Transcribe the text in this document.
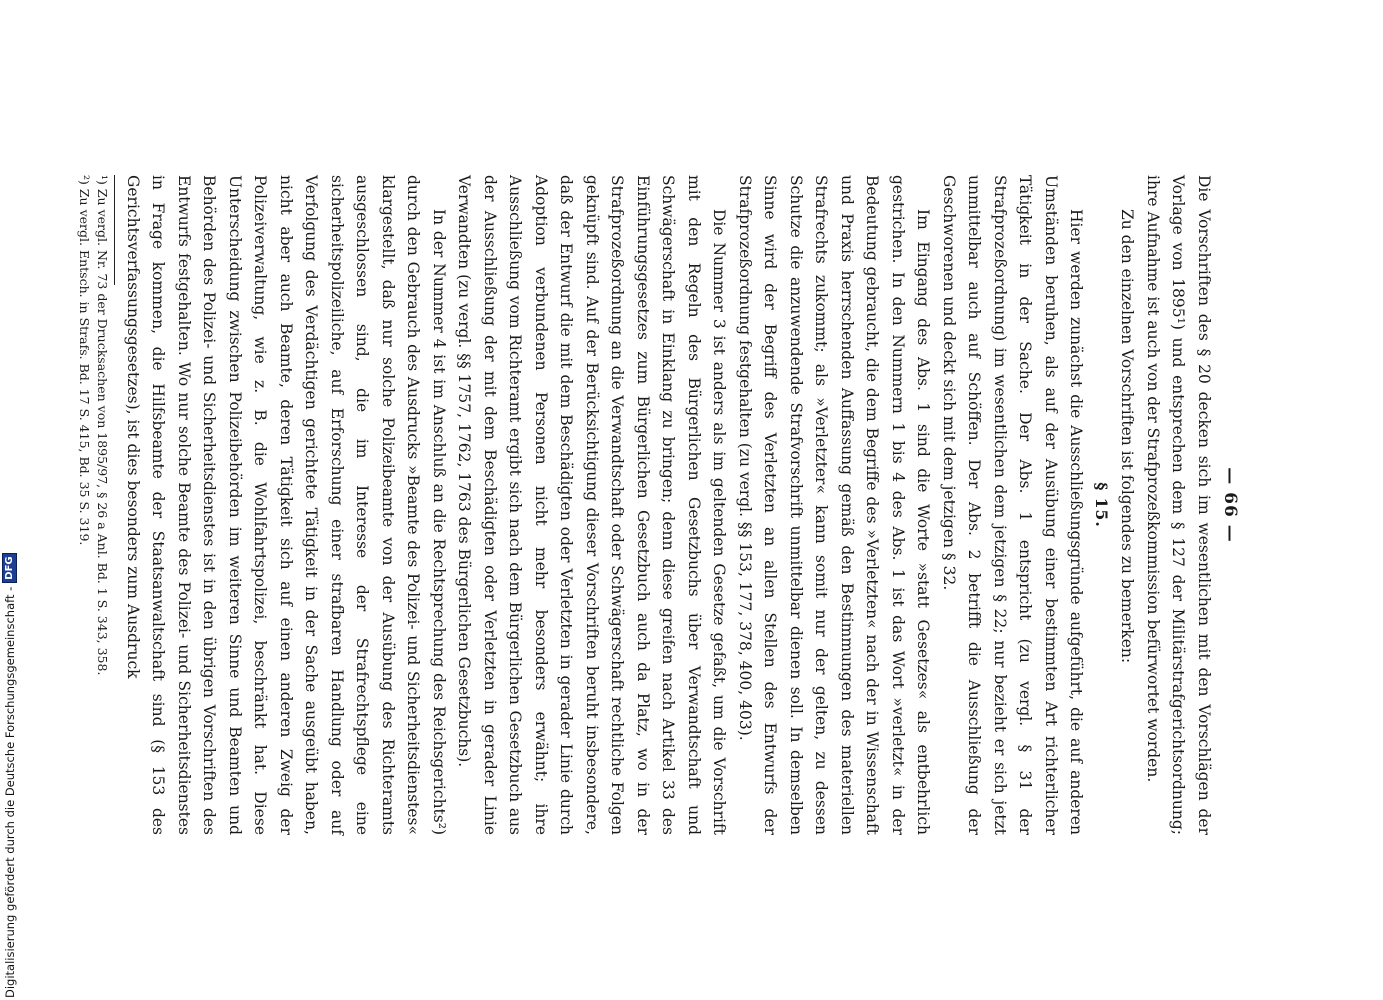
— 66 —

Die Vorschriften des § 20 decken sich im wesentlichen mit den Vorschlägen der Vorlage von 1895¹) und entsprechen dem § 127 der Militärstrafgerichtsordnung; ihre Aufnahme ist auch von der Strafprozeßkommission befürwortet worden.

Zu den einzelnen Vorschriften ist folgendes zu bemerken:

§ 15.

Hier werden zunächst die Ausschließungsgründe aufgeführt, die auf anderen Umständen beruhen, als auf der Ausübung einer bestimmten Art richterlicher Tätigkeit in der Sache. Der Abs. 1 entspricht (zu vergl. § 31 der Strafprozeßordnung) im wesentlichen dem jetzigen § 22; nur bezieht er sich jetzt unmittelbar auch auf Schöffen. Der Abs. 2 betrifft die Ausschließung der Geschworenen und deckt sich mit dem jetzigen § 32.

Im Eingang des Abs. 1 sind die Worte »statt Gesetzes« als entbehrlich gestrichen. In den Nummern 1 bis 4 des Abs. 1 ist das Wort »verletzt« in der Bedeutung gebraucht, die dem Begriffe des »Verletzten« nach der in Wissenschaft und Praxis herrschenden Auffassung gemäß den Bestimmungen des materiellen Strafrechts zukommt; als »Verletzter« kann somit nur der gelten, zu dessen Schutze die anzuwendende Strafvorschrift unmittelbar dienen soll. In demselben Sinne wird der Begriff des Verletzten an allen Stellen des Entwurfs der Strafprozeßordnung festgehalten (zu vergl. §§ 153, 177, 378, 400, 403).

Die Nummer 3 ist anders als im geltenden Gesetze gefaßt, um die Vorschrift mit den Regeln des Bürgerlichen Gesetzbuchs über Verwandtschaft und Schwägerschaft in Einklang zu bringen; denn diese greifen nach Artikel 33 des Einführungsgesetzes zum Bürgerlichen Gesetzbuch auch da Platz, wo in der Strafprozeßordnung an die Verwandtschaft oder Schwägerschaft rechtliche Folgen geknüpft sind. Auf der Berücksichtigung dieser Vorschriften beruht insbesondere, daß der Entwurf die mit dem Beschädigten oder Verletzten in gerader Linie durch Adoption verbundenen Personen nicht mehr besonders erwähnt; ihre Ausschließung vom Richteramt ergibt sich nach dem Bürgerlichen Gesetzbuch aus der Ausschließung der mit dem Beschädigten oder Verletzten in gerader Linie Verwandten (zu vergl. §§ 1757, 1762, 1763 des Bürgerlichen Gesetzbuchs).

In der Nummer 4 ist im Anschluß an die Rechtsprechung des Reichsgerichts²) durch den Gebrauch des Ausdrucks »Beamte des Polizei- und Sicherheitsdienstes« klargestellt, daß nur solche Polizeibeamte von der Ausübung des Richteramts ausgeschlossen sind, die im Interesse der Strafrechtspflege eine sicherheitspolizeiliche, auf Erforschung einer strafbaren Handlung oder auf Verfolgung des Verdächtigen gerichtete Tätigkeit in der Sache ausgeübt haben, nicht aber auch Beamte, deren Tätigkeit sich auf einen anderen Zweig der Polizeiverwaltung, wie z. B. die Wohlfahrtspolizei, beschränkt hat. Diese Unterscheidung zwischen Polizeibehörden im weiteren Sinne und Beamten und Behörden des Polizei- und Sicherheitsdienstes ist in den übrigen Vorschriften des Entwurfs festgehalten. Wo nur solche Beamte des Polizei- und Sicherheitsdienstes in Frage kommen, die Hilfsbeamte der Staatsanwaltschaft sind (§ 153 des Gerichtsverfassungsgesetzes), ist dies besonders zum Ausdruck

¹) Zu vergl. Nr. 73 der Drucksachen von 1895/97, § 26 a Anl. Bd. 1 S. 343, 358.

²) Zu vergl. Entsch. in Strafs. Bd. 17 S. 415, Bd. 35 S. 319.

Digitalisierung gefördert durch die Deutsche Forschungsgemeinschaft -
DFG
